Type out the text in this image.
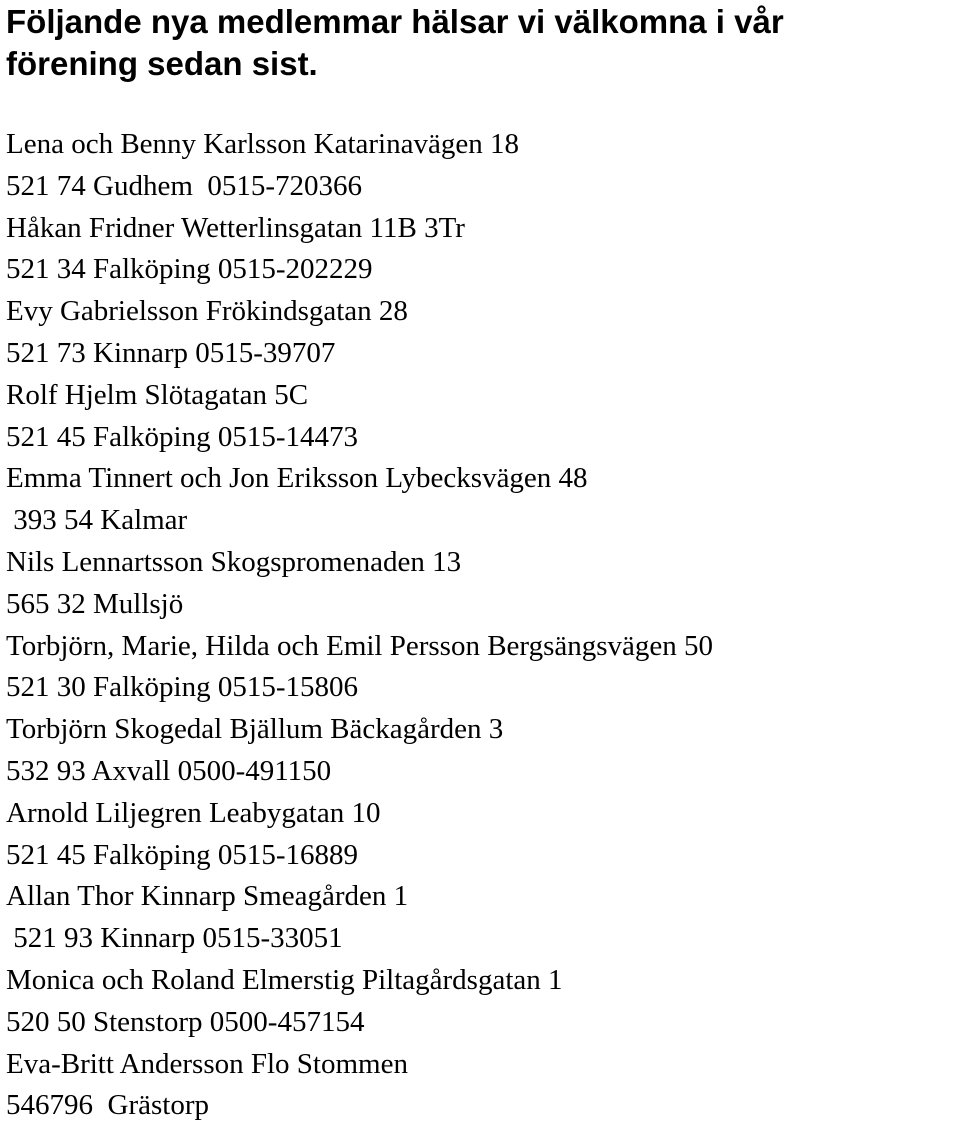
Följande nya medlemmar hälsar vi välkomna i vår
förening sedan sist.
Lena och Benny Karlsson Katarinavägen 18
521 74 Gudhem  0515-720366
Håkan Fridner Wetterlinsgatan 11B 3Tr
521 34 Falköping 0515-202229
Evy Gabrielsson Frökindsgatan 28
521 73 Kinnarp 0515-39707
Rolf Hjelm Slötagatan 5C
521 45 Falköping 0515-14473
Emma Tinnert och Jon Eriksson Lybecksvägen 48
393 54 Kalmar
Nils Lennartsson Skogspromenaden 13
565 32 Mullsjö
Torbjörn, Marie, Hilda och Emil Persson Bergsängsvägen 50
521 30 Falköping 0515-15806
Torbjörn Skogedal Bjällum Bäckagården 3
532 93 Axvall 0500-491150
Arnold Liljegren Leabygatan 10
521 45 Falköping 0515-16889
Allan Thor Kinnarp Smeagården 1
521 93 Kinnarp 0515-33051
Monica och Roland Elmerstig Piltagårdsgatan 1
520 50 Stenstorp 0500-457154
Eva-Britt Andersson Flo Stommen
546796  Grästorp
